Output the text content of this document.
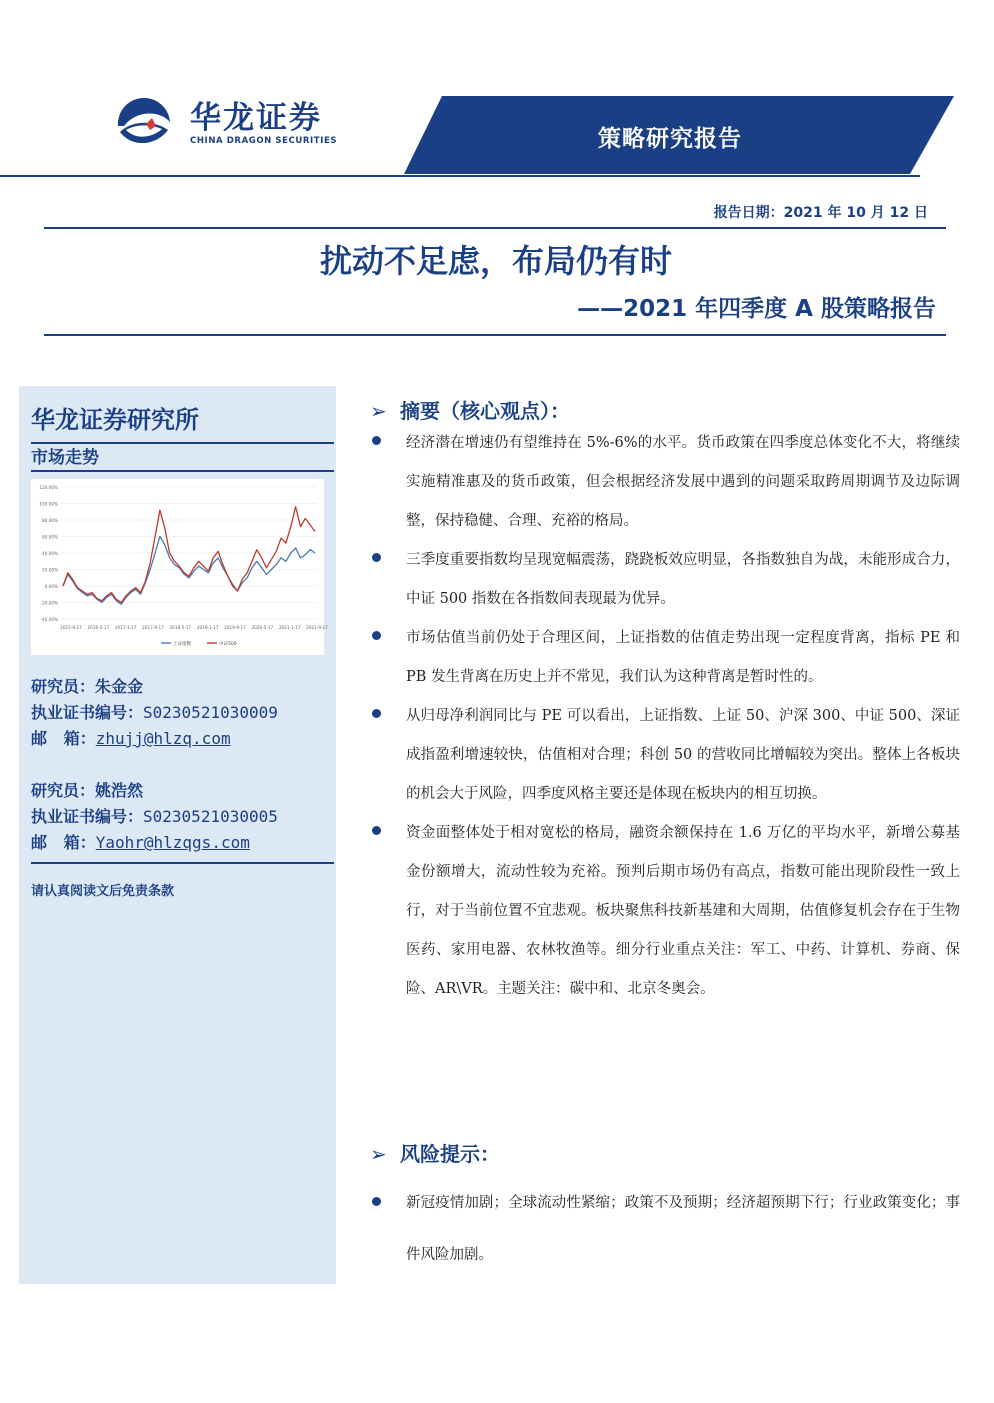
策略研究报告
华龙证券
CHINA DRAGON SECURITIES
报告日期：2021 年 10 月 12 日
扰动不足虑，布局仍有时
——2021 年四季度 A 股策略报告
华龙证券研究所
市场走势
120.00%
100.00%
80.00%
60.00%
40.00%
20.00%
0.00%
-20.00%
-40.00%
2015-9-17 2016-5-17 2017-1-17 2017-9-17 2018-5-17 2019-1-17 2019-9-17 2020-5-17 2021-1-17 2021-9-17
上证指数	中证500
研究员：朱金金
执业证书编号：S0230521030009
邮   箱：zhujj@hlzq.com
研究员：姚浩然
执业证书编号：S0230521030005
邮   箱：Yaohr@hlzqgs.com
请认真阅读文后免责条款
➢ 摘要（核心观点）：

经济潜在增速仍有望维持在 5%-6%的水平。货币政策在四季度总体变化不大，将继续实施精准惠及的货币政策，但会根据经济发展中遇到的问题采取跨周期调节及边际调整，保持稳健、合理、充裕的格局。

三季度重要指数均呈现宽幅震荡，跷跷板效应明显，各指数独自为战，未能形成合力，中证 500 指数在各指数间表现最为优异。

市场估值当前仍处于合理区间，上证指数的估值走势出现一定程度背离，指标 PE 和 PB 发生背离在历史上并不常见，我们认为这种背离是暂时性的。

从归母净利润同比与 PE 可以看出，上证指数、上证 50、沪深 300、中证 500、深证成指盈利增速较快，估值相对合理；科创 50 的营收同比增幅较为突出。整体上各板块的机会大于风险，四季度风格主要还是体现在板块内的相互切换。

资金面整体处于相对宽松的格局，融资余额保持在 1.6 万亿的平均水平，新增公募基金份额增大，流动性较为充裕。预判后期市场仍有高点，指数可能出现阶段性一致上行，对于当前位置不宜悲观。板块聚焦科技新基建和大周期，估值修复机会存在于生物医药、家用电器、农林牧渔等。细分行业重点关注：军工、中药、计算机、券商、保险、AR\VR。主题关注：碳中和、北京冬奥会。

➢ 风险提示：

新冠疫情加剧；全球流动性紧缩；政策不及预期；经济超预期下行；行业政策变化；事件风险加剧。
